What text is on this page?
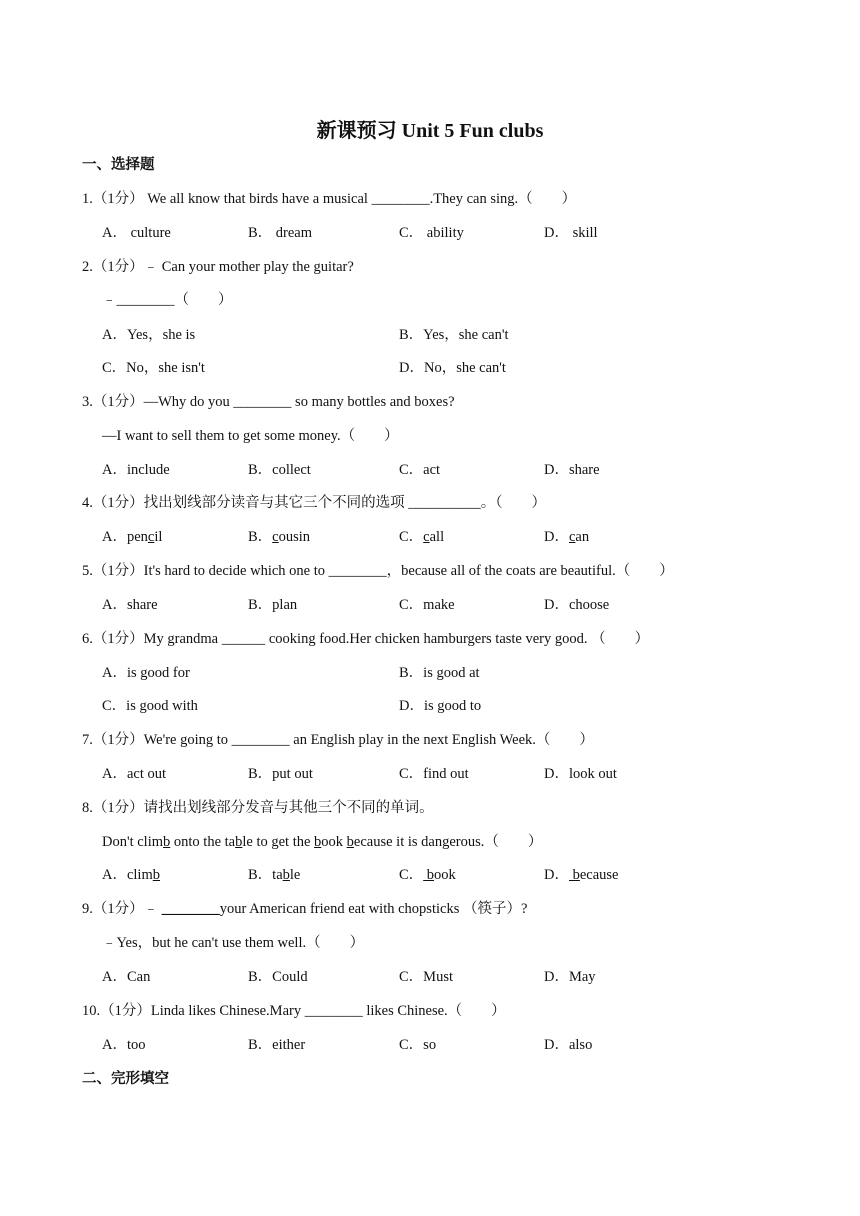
新课预习 Unit 5 Fun clubs
一、选择题
1.（1分） We all know that birds have a musical ________.They can sing.（　　）
A． culture	B． dream	C． ability	D． skill
2.（1分）﹣ Can your mother play the guitar?
﹣________（　　）
A．Yes，she is	B．Yes，she can't
C．No，she isn't	D．No，she can't
3.（1分）—Why do you ________ so many bottles and boxes?
—I want to sell them to get some money.（　　）
A．include	B．collect	C．act	D．share
4.（1分）找出划线部分读音与其它三个不同的选项 __________。（　　）
A．pencil	B．cousin	C．call	D．can
5.（1分）It's hard to decide which one to ________，because all of the coats are beautiful.（　　）
A．share	B．plan	C．make	D．choose
6.（1分）My grandma ______ cooking food.Her chicken hamburgers taste very good. （　　）
A．is good for	B．is good at
C．is good with	D．is good to
7.（1分）We're going to ________ an English play in the next English Week.（　　）
A．act out	B．put out	C．find out	D．look out
8.（1分）请找出划线部分发音与其他三个不同的单词。
Don't climb onto the table to get the book because it is dangerous.（　　）
A．climb	B．table	C． book	D． because
9.（1分）﹣ ________your American friend eat with chopsticks （筷子）?
﹣Yes，but he can't use them well.（　　）
A．Can	B．Could	C．Must	D．May
10.（1分）Linda likes Chinese.Mary ________ likes Chinese.（　　）
A．too	B．either	C．so	D．also
二、完形填空
